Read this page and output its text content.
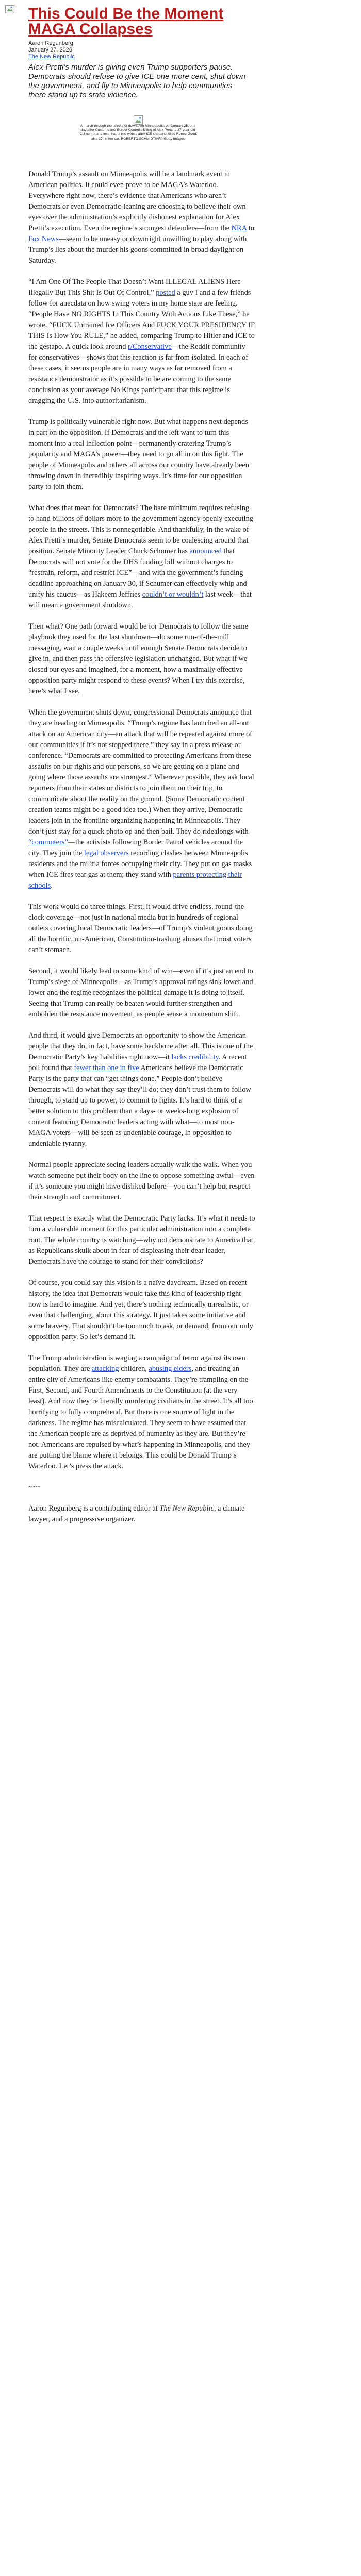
This Could Be the Moment MAGA Collapses
Aaron Regunberg
January 27, 2026
The New Republic
Alex Pretti’s murder is giving even Trump supporters pause. Democrats should refuse to give ICE one more cent, shut down the government, and fly to Minneapolis to help communities there stand up to state violence.
A march through the streets of downtown Minneapolis, on January 25, one day after Customs and Border Control’s killing of Alex Pretti, a 37-year-old ICU nurse, and less than three weeks after ICE shot and killed Renee Good, also 37, in her car. ROBERTO SCHMIDT/AFP/Getty Images

Donald Trump’s assault on Minneapolis will be a landmark event in American politics. It could even prove to be MAGA’s Waterloo. Everywhere right now, there’s evidence that Americans who aren’t Democrats or even Democratic-leaning are choosing to believe their own eyes over the administration’s explicitly dishonest explanation for Alex Pretti’s execution. Even the regime’s strongest defenders—from the NRA to Fox News—seem to be uneasy or downright unwilling to play along with Trump’s lies about the murder his goons committed in broad daylight on Saturday.

“I Am One Of The People That Doesn’t Want ILLEGAL ALIENS Here Illegally But This Shit Is Out Of Control,” posted a guy I and a few friends follow for anecdata on how swing voters in my home state are feeling. “People Have NO RIGHTS In This Country With Actions Like These,” he wrote. “FUCK Untrained Ice Officers And FUCK YOUR PRESIDENCY IF THIS Is How You RULE,” he added, comparing Trump to Hitler and ICE to the gestapo. A quick look around r/Conservative—the Reddit community for conservatives—shows that this reaction is far from isolated. In each of these cases, it seems people are in many ways as far removed from a resistance demonstrator as it’s possible to be are coming to the same conclusion as your average No Kings participant: that this regime is dragging the U.S. into authoritarianism.

Trump is politically vulnerable right now. But what happens next depends in part on the opposition. If Democrats and the left want to turn this moment into a real inflection point—permanently cratering Trump’s popularity and MAGA’s power—they need to go all in on this fight. The people of Minneapolis and others all across our country have already been throwing down in incredibly inspiring ways. It’s time for our opposition party to join them.

What does that mean for Democrats? The bare minimum requires refusing to hand billions of dollars more to the government agency openly executing people in the streets. This is nonnegotiable. And thankfully, in the wake of Alex Pretti’s murder, Senate Democrats seem to be coalescing around that position. Senate Minority Leader Chuck Schumer has announced that Democrats will not vote for the DHS funding bill without changes to “restrain, reform, and restrict ICE”—and with the government’s funding deadline approaching on January 30, if Schumer can effectively whip and unify his caucus—as Hakeem Jeffries couldn’t or wouldn’t last week—that will mean a government shutdown.

Then what? One path forward would be for Democrats to follow the same playbook they used for the last shutdown—do some run-of-the-mill messaging, wait a couple weeks until enough Senate Democrats decide to give in, and then pass the offensive legislation unchanged. But what if we closed our eyes and imagined, for a moment, how a maximally effective opposition party might respond to these events? When I try this exercise, here’s what I see.

When the government shuts down, congressional Democrats announce that they are heading to Minneapolis. “Trump’s regime has launched an all-out attack on an American city—an attack that will be repeated against more of our communities if it’s not stopped there,” they say in a press release or conference. “Democrats are committed to protecting Americans from these assaults on our rights and our persons, so we are getting on a plane and going where those assaults are strongest.” Wherever possible, they ask local reporters from their states or districts to join them on their trip, to communicate about the reality on the ground. (Some Democratic content creation teams might be a good idea too.) When they arrive, Democratic leaders join in the frontline organizing happening in Minneapolis. They don’t just stay for a quick photo op and then bail. They do ridealongs with “commuters”—the activists following Border Patrol vehicles around the city. They join the legal observers recording clashes between Minneapolis residents and the militia forces occupying their city. They put on gas masks when ICE fires tear gas at them; they stand with parents protecting their schools.

This work would do three things. First, it would drive endless, round-the-clock coverage—not just in national media but in hundreds of regional outlets covering local Democratic leaders—of Trump’s violent goons doing all the horrific, un-American, Constitution-trashing abuses that most voters can’t stomach.

Second, it would likely lead to some kind of win—even if it’s just an end to Trump’s siege of Minneapolis—as Trump’s approval ratings sink lower and lower and the regime recognizes the political damage it is doing to itself. Seeing that Trump can really be beaten would further strengthen and embolden the resistance movement, as people sense a momentum shift.

And third, it would give Democrats an opportunity to show the American people that they do, in fact, have some backbone after all. This is one of the Democratic Party’s key liabilities right now—it lacks credibility. A recent poll found that fewer than one in five Americans believe the Democratic Party is the party that can “get things done.” People don’t believe Democrats will do what they say they’ll do; they don’t trust them to follow through, to stand up to power, to commit to fights. It’s hard to think of a better solution to this problem than a days- or weeks-long explosion of content featuring Democratic leaders acting with what—to most non-MAGA voters—will be seen as undeniable courage, in opposition to undeniable tyranny.

Normal people appreciate seeing leaders actually walk the walk. When you watch someone put their body on the line to oppose something awful—even if it’s someone you might have disliked before—you can’t help but respect their strength and commitment.

That respect is exactly what the Democratic Party lacks. It’s what it needs to turn a vulnerable moment for this particular administration into a complete rout. The whole country is watching—why not demonstrate to America that, as Republicans skulk about in fear of displeasing their dear leader, Democrats have the courage to stand for their convictions?

Of course, you could say this vision is a naïve daydream. Based on recent history, the idea that Democrats would take this kind of leadership right now is hard to imagine. And yet, there’s nothing technically unrealistic, or even that challenging, about this strategy. It just takes some initiative and some bravery. That shouldn’t be too much to ask, or demand, from our only opposition party. So let’s demand it.

The Trump administration is waging a campaign of terror against its own population. They are attacking children, abusing elders, and treating an entire city of Americans like enemy combatants. They’re trampling on the First, Second, and Fourth Amendments to the Constitution (at the very least). And now they’re literally murdering civilians in the street. It’s all too horrifying to fully comprehend. But there is one source of light in the darkness. The regime has miscalculated. They seem to have assumed that the American people are as deprived of humanity as they are. But they’re not. Americans are repulsed by what’s happening in Minneapolis, and they are putting the blame where it belongs. This could be Donald Trump’s Waterloo. Let’s press the attack.

~~~

Aaron Regunberg is a contributing editor at The New Republic, a climate lawyer, and a progressive organizer.
